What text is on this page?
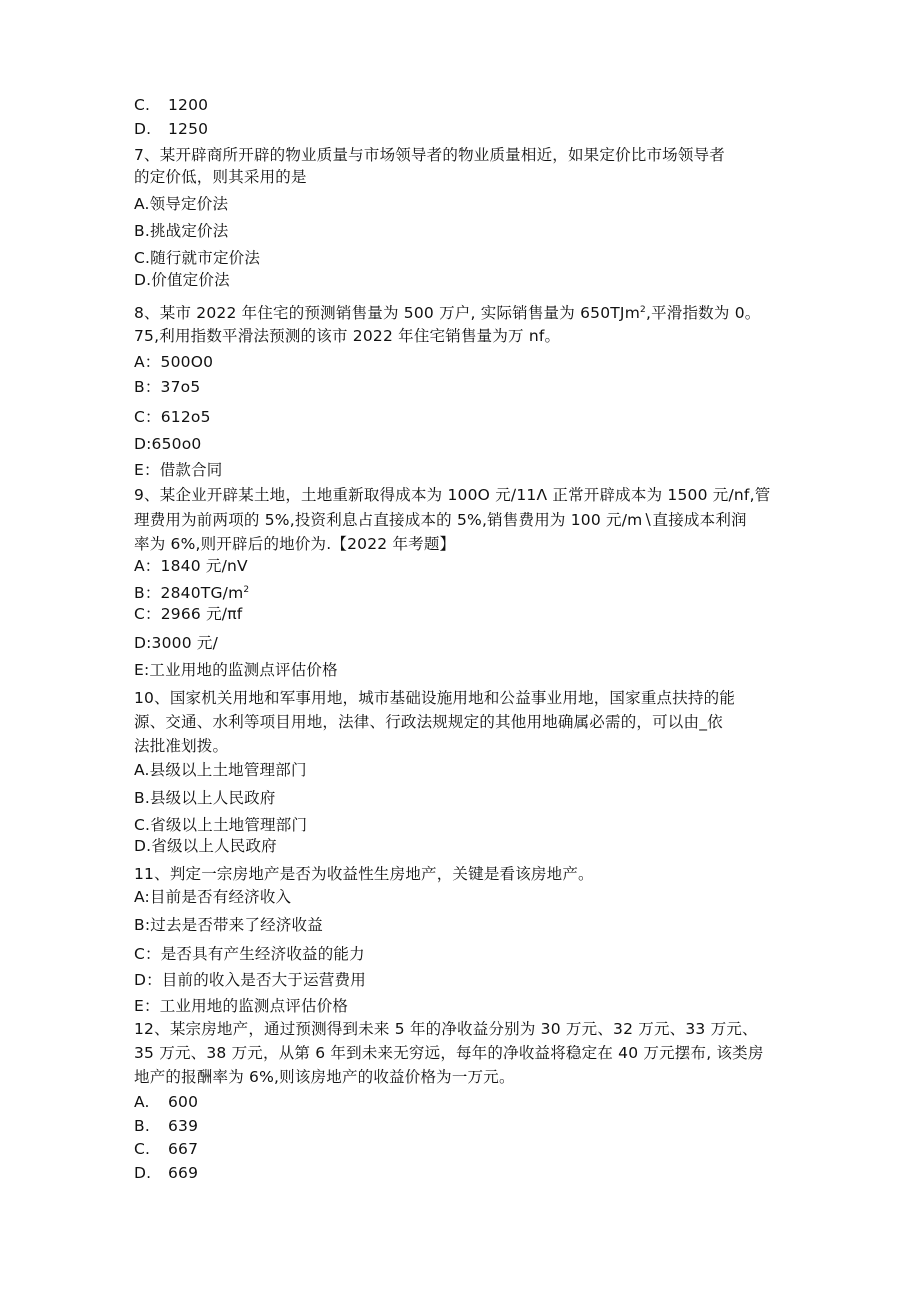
C. 1200
D. 1250
7、某开辟商所开辟的物业质量与市场领导者的物业质量相近，如果定价比市场领导者
的定价低，则其采用的是
A.领导定价法
B.挑战定价法
C.随行就市定价法
D.价值定价法
8、某市 2022 年住宅的预测销售量为 500 万户, 实际销售量为 650TJm$^2$,平滑指数为 0。
75,利用指数平滑法预测的该市 2022 年住宅销售量为万 nf。
A：500O0
B：37o5
C：612o5
D:650o0
E：借款合同
9、某企业开辟某土地，土地重新取得成本为 100O 元∕11Λ 正常开辟成本为 1500 元/nf,管
理费用为前两项的 5%,投资利息占直接成本的 5%,销售费用为 100 元/m∖直接成本利润
率为 6%,则开辟后的地价为.【2022 年考题】
A：1840 元/nV
B：$2840TG/m^2$
C：2966 元∕πf
D:3000 元/
E:工业用地的监测点评估价格
10、国家机关用地和军事用地，城市基础设施用地和公益事业用地，国家重点扶持的能
源、交通、水利等项目用地，法律、行政法规规定的其他用地确属必需的，可以由_依
法批准划拨。
A.县级以上土地管理部门
B.县级以上人民政府
C.省级以上土地管理部门
D.省级以上人民政府
11、判定一宗房地产是否为收益性生房地产，关键是看该房地产。
A:目前是否有经济收入
B:过去是否带来了经济收益
C：是否具有产生经济收益的能力
D：目前的收入是否大于运营费用
E：工业用地的监测点评估价格
12、某宗房地产，通过预测得到未来 5 年的净收益分别为 30 万元、32 万元、33 万元、
35 万元、38 万元，从第 6 年到未来无穷远，每年的净收益将稳定在 40 万元摆布, 该类房
地产的报酬率为 6%,则该房地产的收益价格为一万元。
A. 600
B. 639
C. 667
D. 669
